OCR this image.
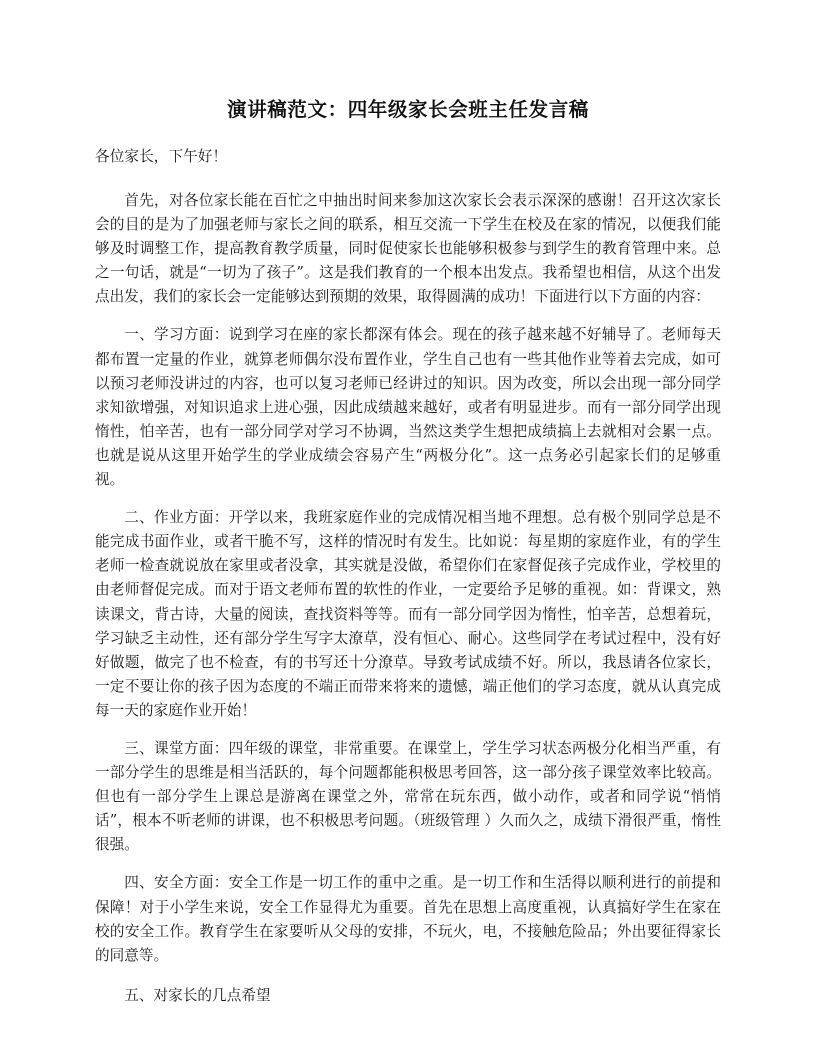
演讲稿范文：四年级家长会班主任发言稿

各位家长，下午好！

首先，对各位家长能在百忙之中抽出时间来参加这次家长会表示深深的感谢！召开这次家长会的目的是为了加强老师与家长之间的联系，相互交流一下学生在校及在家的情况，以便我们能够及时调整工作，提高教育教学质量，同时促使家长也能够积极参与到学生的教育管理中来。总之一句话，就是“一切为了孩子”。这是我们教育的一个根本出发点。我希望也相信，从这个出发点出发，我们的家长会一定能够达到预期的效果，取得圆满的成功！下面进行以下方面的内容：

一、学习方面：说到学习在座的家长都深有体会。现在的孩子越来越不好辅导了。老师每天都布置一定量的作业，就算老师偶尔没布置作业，学生自己也有一些其他作业等着去完成，如可以预习老师没讲过的内容，也可以复习老师已经讲过的知识。因为改变，所以会出现一部分同学求知欲增强，对知识追求上进心强，因此成绩越来越好，或者有明显进步。而有一部分同学出现惰性，怕辛苦，也有一部分同学对学习不协调，当然这类学生想把成绩搞上去就相对会累一点。也就是说从这里开始学生的学业成绩会容易产生“两极分化”。这一点务必引起家长们的足够重视。

二、作业方面：开学以来，我班家庭作业的完成情况相当地不理想。总有极个别同学总是不能完成书面作业，或者干脆不写，这样的情况时有发生。比如说：每星期的家庭作业，有的学生老师一检查就说放在家里或者没拿，其实就是没做，希望你们在家督促孩子完成作业，学校里的由老师督促完成。而对于语文老师布置的软性的作业，一定要给予足够的重视。如：背课文，熟读课文，背古诗，大量的阅读，查找资料等等。而有一部分同学因为惰性，怕辛苦，总想着玩，学习缺乏主动性，还有部分学生写字太潦草，没有恒心、耐心。这些同学在考试过程中，没有好好做题，做完了也不检查，有的书写还十分潦草。导致考试成绩不好。所以，我恳请各位家长，一定不要让你的孩子因为态度的不端正而带来将来的遗憾，端正他们的学习态度，就从认真完成每一天的家庭作业开始！

三、课堂方面：四年级的课堂，非常重要。在课堂上，学生学习状态两极分化相当严重，有一部分学生的思维是相当活跃的，每个问题都能积极思考回答，这一部分孩子课堂效率比较高。但也有一部分学生上课总是游离在课堂之外，常常在玩东西，做小动作，或者和同学说“悄悄话”，根本不听老师的讲课，也不积极思考问题。（班级管理 ）久而久之，成绩下滑很严重，惰性很强。

四、安全方面：安全工作是一切工作的重中之重。是一切工作和生活得以顺利进行的前提和保障！对于小学生来说，安全工作显得尤为重要。首先在思想上高度重视，认真搞好学生在家在校的安全工作。教育学生在家要听从父母的安排，不玩火，电，不接触危险品；外出要征得家长的同意等。

五、对家长的几点希望
